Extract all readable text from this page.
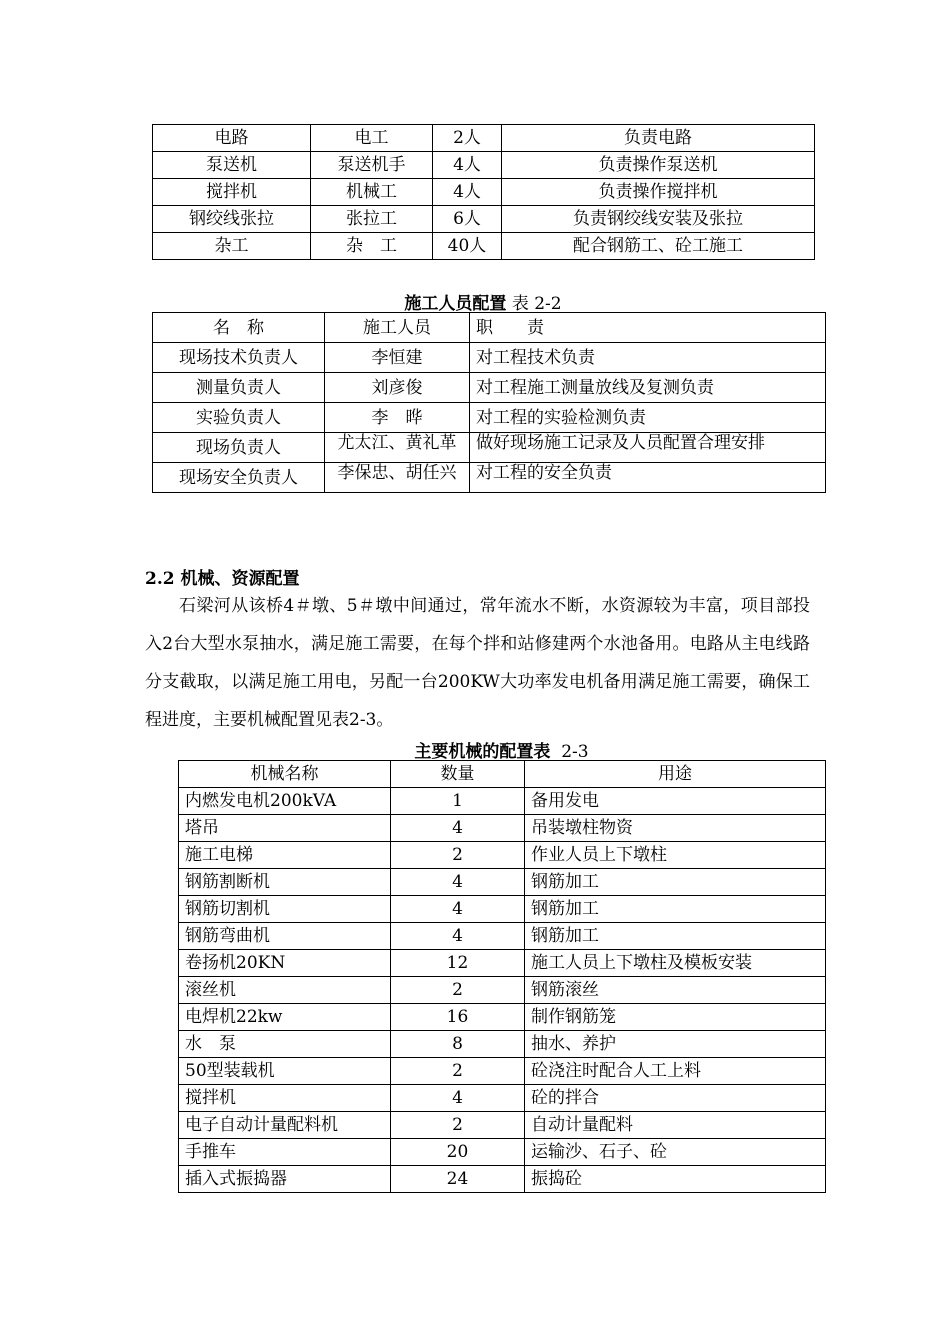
电路	电工	2人	负责电路
泵送机	泵送机手	4人	负责操作泵送机
搅拌机	机械工	4人	负责操作搅拌机
钢绞线张拉	张拉工	6人	负责钢绞线安装及张拉
杂工	杂　工	40人	配合钢筋工、砼工施工
施工人员配置 表 2-2
名　称	施工人员	职　　责
现场技术负责人	李恒建	对工程技术负责
测量负责人	刘彦俊	对工程施工测量放线及复测负责
实验负责人	李　晔	对工程的实验检测负责
现场负责人	尤太江、黄礼革	做好现场施工记录及人员配置合理安排
现场安全负责人	李保忠、胡任兴	对工程的安全负责
2.2 机械、资源配置
石梁河从该桥4＃墩、5＃墩中间通过，常年流水不断，水资源较为丰富，项目部投入2台大型水泵抽水，满足施工需要，在每个拌和站修建两个水池备用。电路从主电线路分支截取，以满足施工用电，另配一台200KW大功率发电机备用满足施工需要，确保工程进度，主要机械配置见表2-3。
主要机械的配置表 2-3
机械名称	数量	用途
内燃发电机200kVA	1	备用发电
塔吊	4	吊装墩柱物资
施工电梯	2	作业人员上下墩柱
钢筋割断机	4	钢筋加工
钢筋切割机	4	钢筋加工
钢筋弯曲机	4	钢筋加工
卷扬机20KN	12	施工人员上下墩柱及模板安装
滚丝机	2	钢筋滚丝
电焊机22kw	16	制作钢筋笼
水　泵	8	抽水、养护
50型装载机	2	砼浇注时配合人工上料
搅拌机	4	砼的拌合
电子自动计量配料机	2	自动计量配料
手推车	20	运输沙、石子、砼
插入式振捣器	24	振捣砼
